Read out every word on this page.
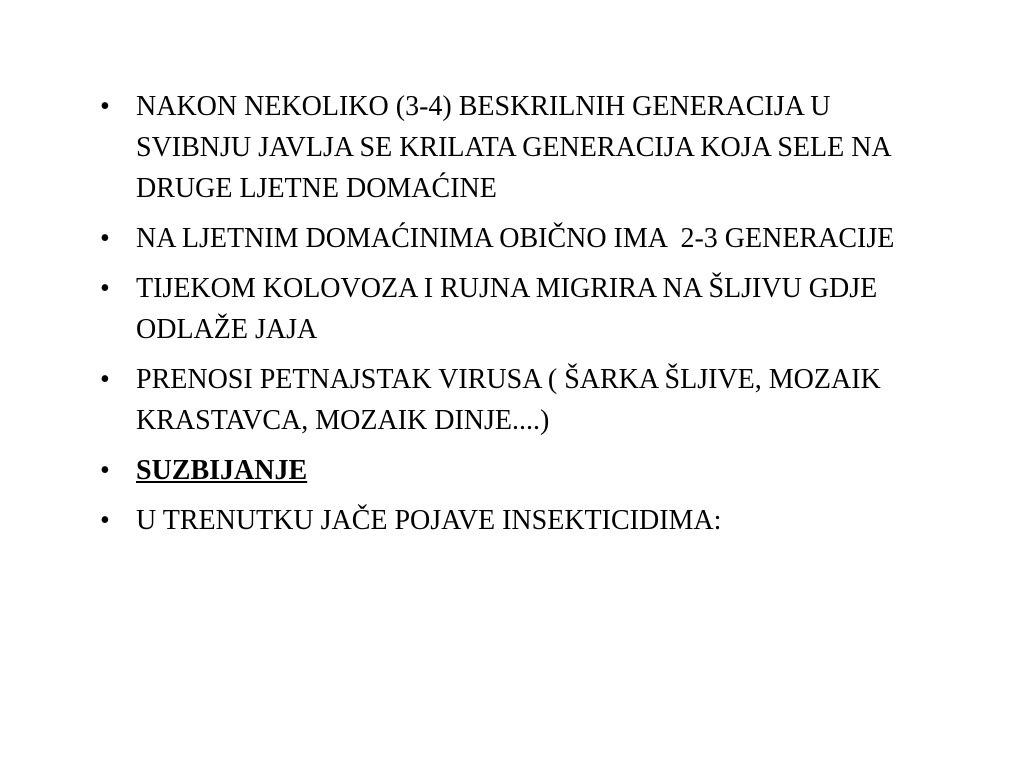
• NAKON NEKOLIKO (3-4) BESKRILNIH GENERACIJA U SVIBNJU JAVLJA SE KRILATA GENERACIJA KOJA SELE NA DRUGE LJETNE DOMAĆINE
• NA LJETNIM DOMAĆINIMA OBIČNO IMA  2-3 GENERACIJE
• TIJEKOM KOLOVOZA I RUJNA MIGRIRA NA ŠLJIVU GDJE ODLAŽE JAJA
• PRENOSI PETNAJSTAK VIRUSA ( ŠARKA ŠLJIVE, MOZAIK KRASTAVCA, MOZAIK DINJE....)
• SUZBIJANJE
• U TRENUTKU JAČE POJAVE INSEKTICIDIMA:
